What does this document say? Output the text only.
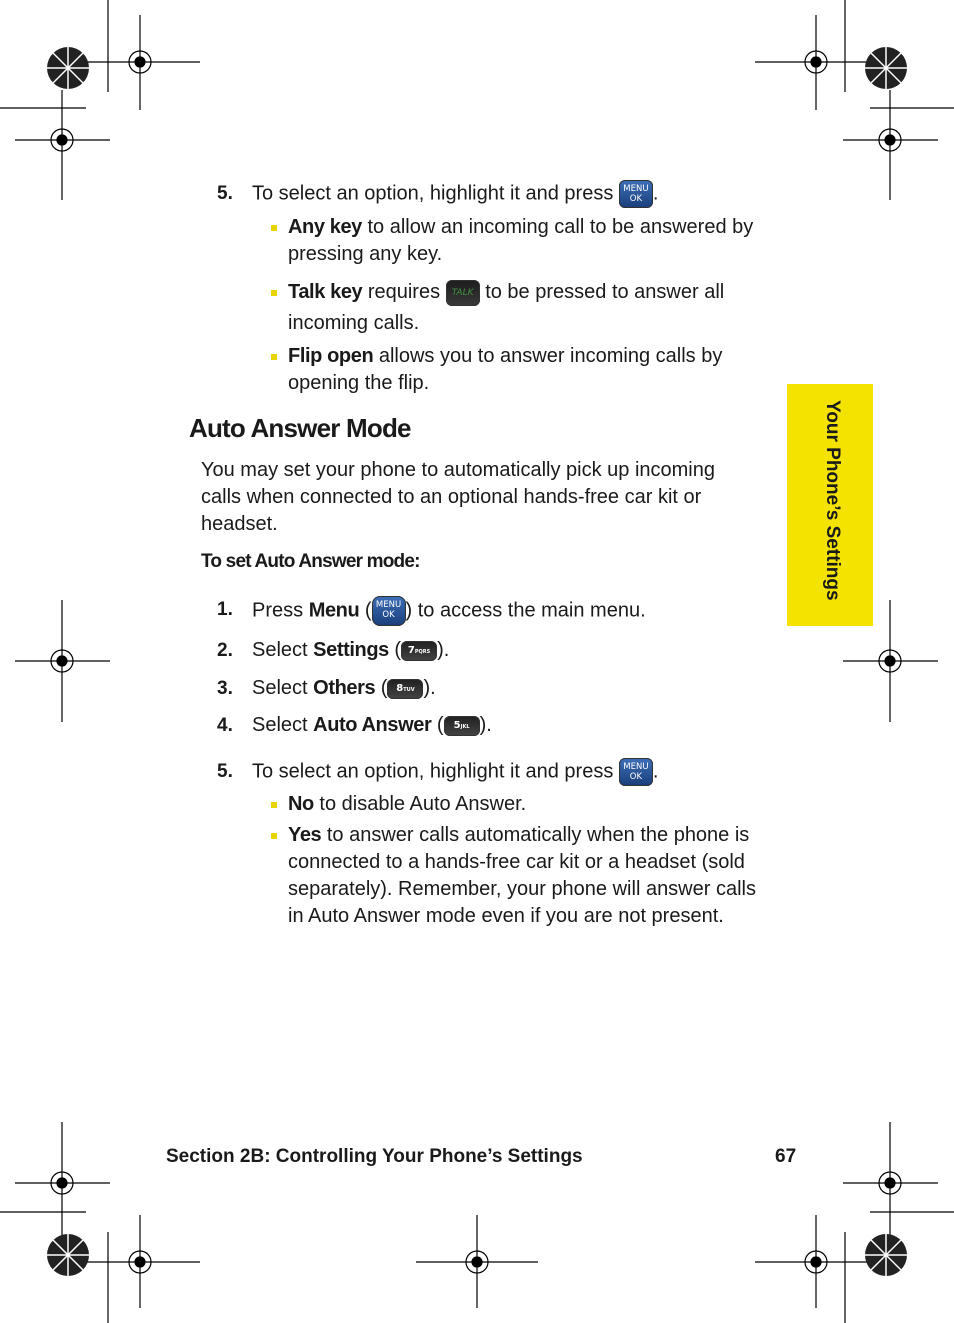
5. To select an option, highlight it and press MENU
OK .
Any key to allow an incoming call to be answered by
pressing any key.
Talk key requires TALK to be pressed to answer all
incoming calls.
Flip open allows you to answer incoming calls by
opening the flip.
Auto Answer Mode
You may set your phone to automatically pick up incoming
calls when connected to an optional hands-free car kit or
headset.
To set Auto Answer mode:
1. Press Menu ( MENU
OK ) to access the main menu.
2. Select Settings ( 7PQRS ).
3. Select Others ( 8TUV ).
4. Select Auto Answer ( 5JKL ).
5. To select an option, highlight it and press MENU
OK .
No to disable Auto Answer.
Yes to answer calls automatically when the phone is
connected to a hands-free car kit or a headset (sold
separately). Remember, your phone will answer calls
in Auto Answer mode even if you are not present.
Your Phone’s Settings
Section 2B: Controlling Your Phone’s Settings	67
